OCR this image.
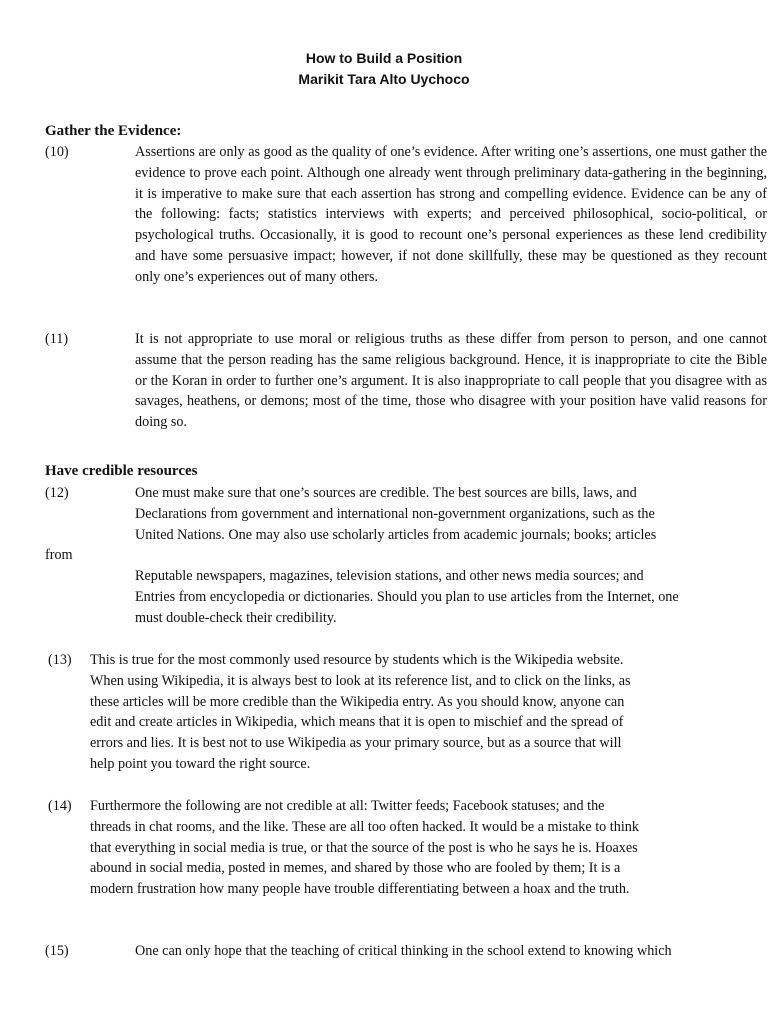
How to Build a Position
Marikit Tara Alto Uychoco
Gather the Evidence:
(10)	Assertions are only as good as the quality of one’s evidence. After writing one’s assertions, one must gather the evidence to prove each point. Although one already went through preliminary data-gathering in the beginning, it is imperative to make sure that each assertion has strong and compelling evidence. Evidence can be any of the following: facts; statistics interviews with experts; and perceived philosophical, socio-political, or psychological truths. Occasionally, it is good to recount one’s personal experiences as these lend credibility and have some persuasive impact; however, if not done skillfully, these may be questioned as they recount only one’s experiences out of many others.
(11)	It is not appropriate to use moral or religious truths as these differ from person to person, and one cannot assume that the person reading has the same religious background. Hence, it is inappropriate to cite the Bible or the Koran in order to further one’s argument. It is also inappropriate to call people that you disagree with as savages, heathens, or demons; most of the time, those who disagree with your position have valid reasons for doing so.
Have credible resources
(12)	One must make sure that one’s sources are credible. The best sources are bills, laws, and
Declarations from government and international non-government organizations, such as the
United Nations. One may also use scholarly articles from academic journals; books; articles
from
Reputable newspapers, magazines, television stations, and other news media sources; and
Entries from encyclopedia or dictionaries. Should you plan to use articles from the Internet, one
must double-check their credibility.
(13) This is true for the most commonly used resource by students which is the Wikipedia website.
When using Wikipedia, it is always best to look at its reference list, and to click on the links, as
these articles will be more credible than the Wikipedia entry. As you should know, anyone can
edit and create articles in Wikipedia, which means that it is open to mischief and the spread of
errors and lies. It is best not to use Wikipedia as your primary source, but as a source that will
help point you toward the right source.
(14) Furthermore the following are not credible at all: Twitter feeds; Facebook statuses; and the
threads in chat rooms, and the like. These are all too often hacked. It would be a mistake to think
that everything in social media is true, or that the source of the post is who he says he is. Hoaxes
abound in social media, posted in memes, and shared by those who are fooled by them; It is a
modern frustration how many people have trouble differentiating between a hoax and the truth.
(15)	One can only hope that the teaching of critical thinking in the school extend to knowing which
